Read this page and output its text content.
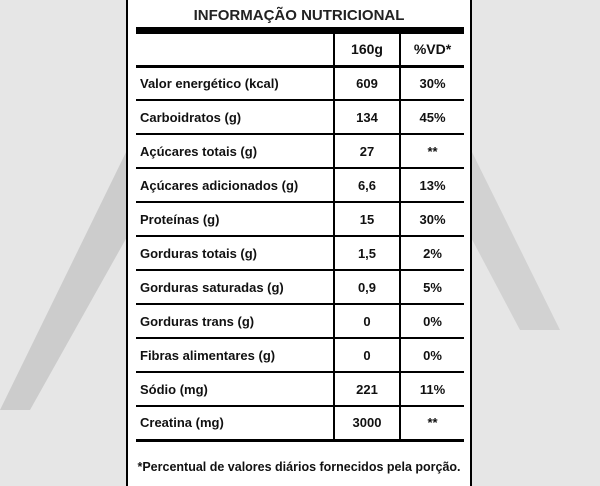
INFORMAÇÃO NUTRICIONAL
	160g	%VD*
Valor energético (kcal)	609	30%
Carboidratos (g)	134	45%
Açúcares totais (g)	27	**
Açúcares adicionados (g)	6,6	13%
Proteínas (g)	15	30%
Gorduras totais (g)	1,5	2%
Gorduras saturadas (g)	0,9	5%
Gorduras trans (g)	0	0%
Fibras alimentares (g)	0	0%
Sódio (mg)	221	11%
Creatina (mg)	3000	**
*Percentual de valores diários fornecidos pela porção.
